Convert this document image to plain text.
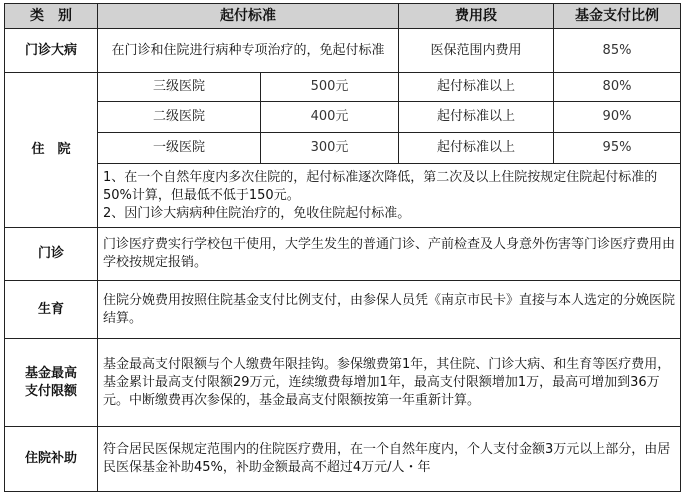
类　别	起付标准		费用段	基金支付比例
门诊大病	在门诊和住院进行病种专项治疗的，免起付标准		医保范围内费用	85%
住　院	三级医院	500元	起付标准以上	80%
	二级医院	400元	起付标准以上	90%
	一级医院	300元	起付标准以上	95%

	1、在一个自然年度内多次住院的，起付标准逐次降低，第二次及以上住院按规定住院起付标准的50%计算，但最低不低于150元。

2、因门诊大病病种住院治疗的，免收住院起付标准。			

门诊	门诊医疗费实行学校包干使用，大学生发生的普通门诊、产前检查及人身意外伤害等门诊医疗费用由学校按规定报销。			
生育	住院分娩费用按照住院基金支付比例支付，由参保人员凭《南京市民卡》直接与本人选定的分娩医院结算。			
基金最高
支付限额	基金最高支付限额与个人缴费年限挂钩。参保缴费第1年，其住院、门诊大病、和生育等医疗费用，基金累计最高支付限额29万元，连续缴费每增加1年，最高支付限额增加1万，最高可增加到36万元。中断缴费再次参保的，基金最高支付限额按第一年重新计算。			
住院补助	符合居民医保规定范围内的住院医疗费用，在一个自然年度内，个人支付金额3万元以上部分，由居民医保基金补助45%，补助金额最高不超过4万元/人・年			
